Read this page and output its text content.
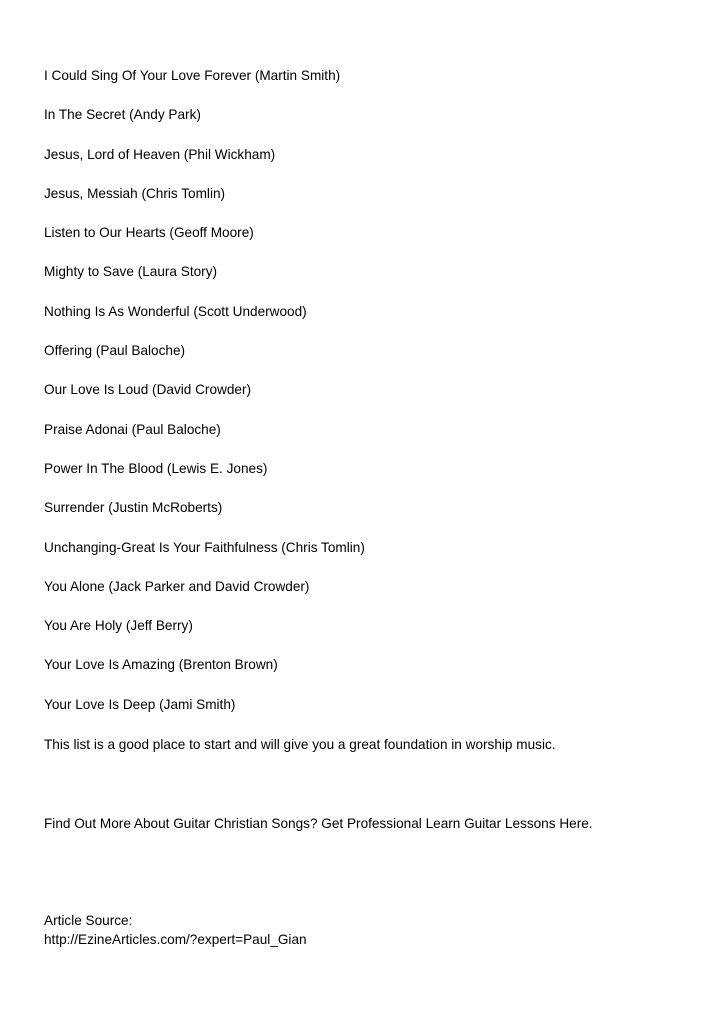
I Could Sing Of Your Love Forever (Martin Smith)
In The Secret (Andy Park)
Jesus, Lord of Heaven (Phil Wickham)
Jesus, Messiah (Chris Tomlin)
Listen to Our Hearts (Geoff Moore)
Mighty to Save (Laura Story)
Nothing Is As Wonderful (Scott Underwood)
Offering (Paul Baloche)
Our Love Is Loud (David Crowder)
Praise Adonai (Paul Baloche)
Power In The Blood (Lewis E. Jones)
Surrender (Justin McRoberts)
Unchanging-Great Is Your Faithfulness (Chris Tomlin)
You Alone (Jack Parker and David Crowder)
You Are Holy (Jeff Berry)
Your Love Is Amazing (Brenton Brown)
Your Love Is Deep (Jami Smith)

This list is a good place to start and will give you a great foundation in worship music.

Find Out More About Guitar Christian Songs? Get Professional Learn Guitar Lessons Here.

Article Source:
http://EzineArticles.com/?expert=Paul_Gian
